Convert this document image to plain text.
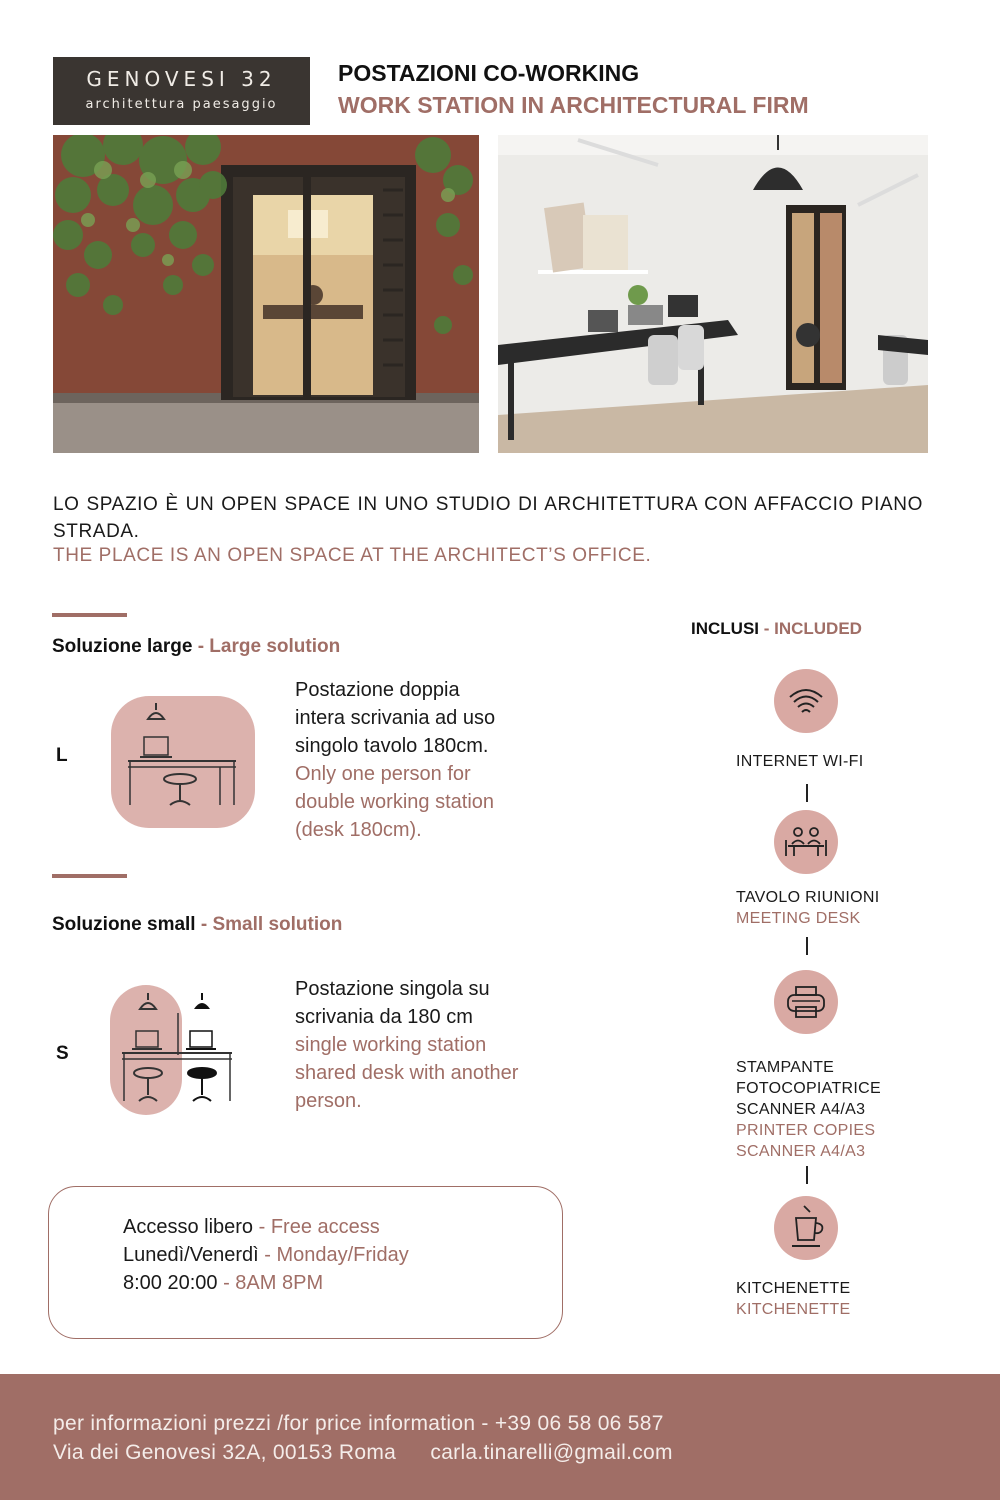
GENOVESI 32
architettura paesaggio
POSTAZIONI CO-WORKING
WORK STATION IN ARCHITECTURAL FIRM
LO SPAZIO È UN OPEN SPACE IN UNO STUDIO DI ARCHITETTURA CON AFFACCIO PIANO STRADA.
THE PLACE IS AN OPEN SPACE AT THE ARCHITECT’S OFFICE.
Soluzione large - Large solution
L
Postazione doppia
intera scrivania ad uso
singolo tavolo 180cm.
Only one person for
double working station
(desk 180cm).
Soluzione small - Small solution
S
Postazione singola su
scrivania da 180 cm
single working station
shared desk with another
person.
Accesso libero - Free access
Lunedì/Venerdì - Monday/Friday
8:00 20:00 - 8AM 8PM
INCLUSI - INCLUDED
INTERNET WI-FI
TAVOLO RIUNIONI
MEETING DESK
STAMPANTE
FOTOCOPIATRICE
SCANNER A4/A3
PRINTER COPIES
SCANNER A4/A3
KITCHENETTE
KITCHENETTE
per informazioni prezzi /for price information - +39 06 58 06 587
Via dei Genovesi 32A, 00153 Roma carla.tinarelli@gmail.com
